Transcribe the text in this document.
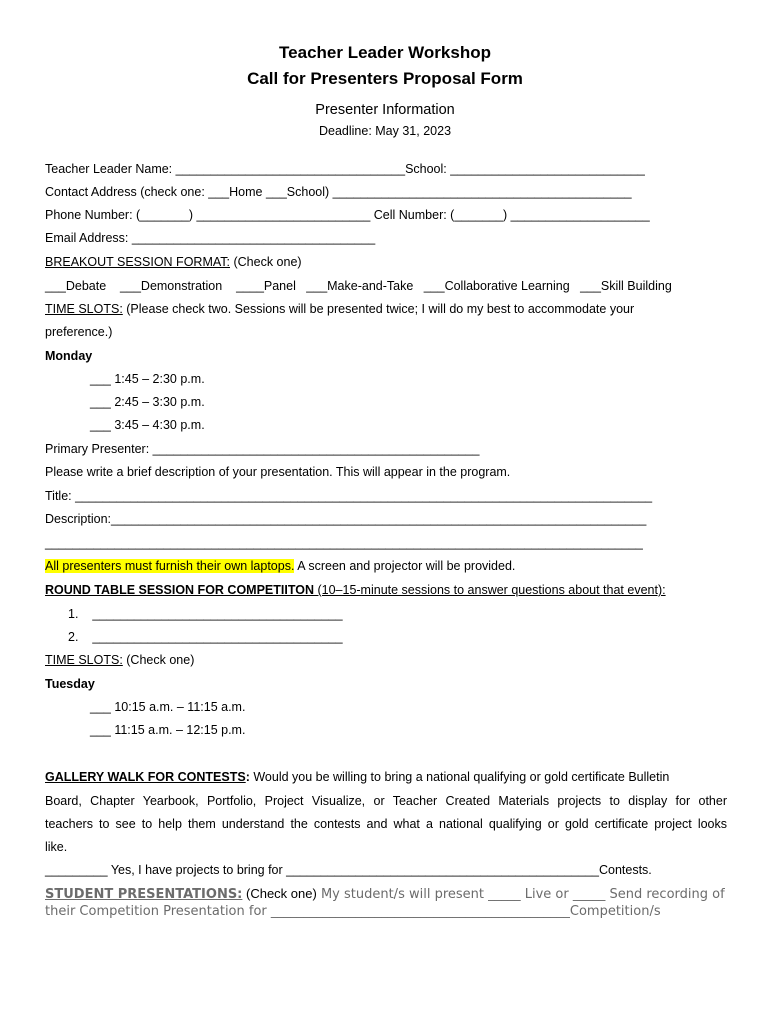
Teacher Leader Workshop
Call for Presenters Proposal Form
Presenter Information
Deadline: May 31, 2023
Teacher Leader Name: _________________________________School: ____________________________
Contact Address (check one: ___Home ___School) ___________________________________________
Phone Number: (_______) _________________________ Cell Number: (_______) ____________________
Email Address: ___________________________________
BREAKOUT SESSION FORMAT: (Check one)
___Debate    ___Demonstration    ____Panel   ___Make-and-Take   ___Collaborative Learning   ___Skill Building
TIME SLOTS: (Please check two. Sessions will be presented twice; I will do my best to accommodate your
preference.)
Monday
___ 1:45 – 2:30 p.m.
___ 2:45 – 3:30 p.m.
___ 3:45 – 4:30 p.m.
Primary Presenter: _______________________________________________
Please write a brief description of your presentation. This will appear in the program.
Title: ___________________________________________________________________________________
Description:_____________________________________________________________________________
______________________________________________________________________________________
All presenters must furnish their own laptops. A screen and projector will be provided.
ROUND TABLE SESSION FOR COMPETIITON (10–15-minute sessions to answer questions about that event):
1.    ____________________________________
2.    ____________________________________
TIME SLOTS: (Check one)
Tuesday
___ 10:15 a.m. – 11:15 a.m.
___ 11:15 a.m. – 12:15 p.m.
GALLERY WALK FOR CONTESTS: Would you be willing to bring a national qualifying or gold certificate Bulletin
Board, Chapter Yearbook, Portfolio, Project Visualize, or Teacher Created Materials projects to display for other
teachers to see to help them understand the contests and what a national qualifying or gold certificate project looks
like.
_________ Yes, I have projects to bring for _____________________________________________Contests.
STUDENT PRESENTATIONS: (Check one) My student/s will present _____ Live or _____ Send recording of
their Competition Presentation for ______________________________________________Competition/s
